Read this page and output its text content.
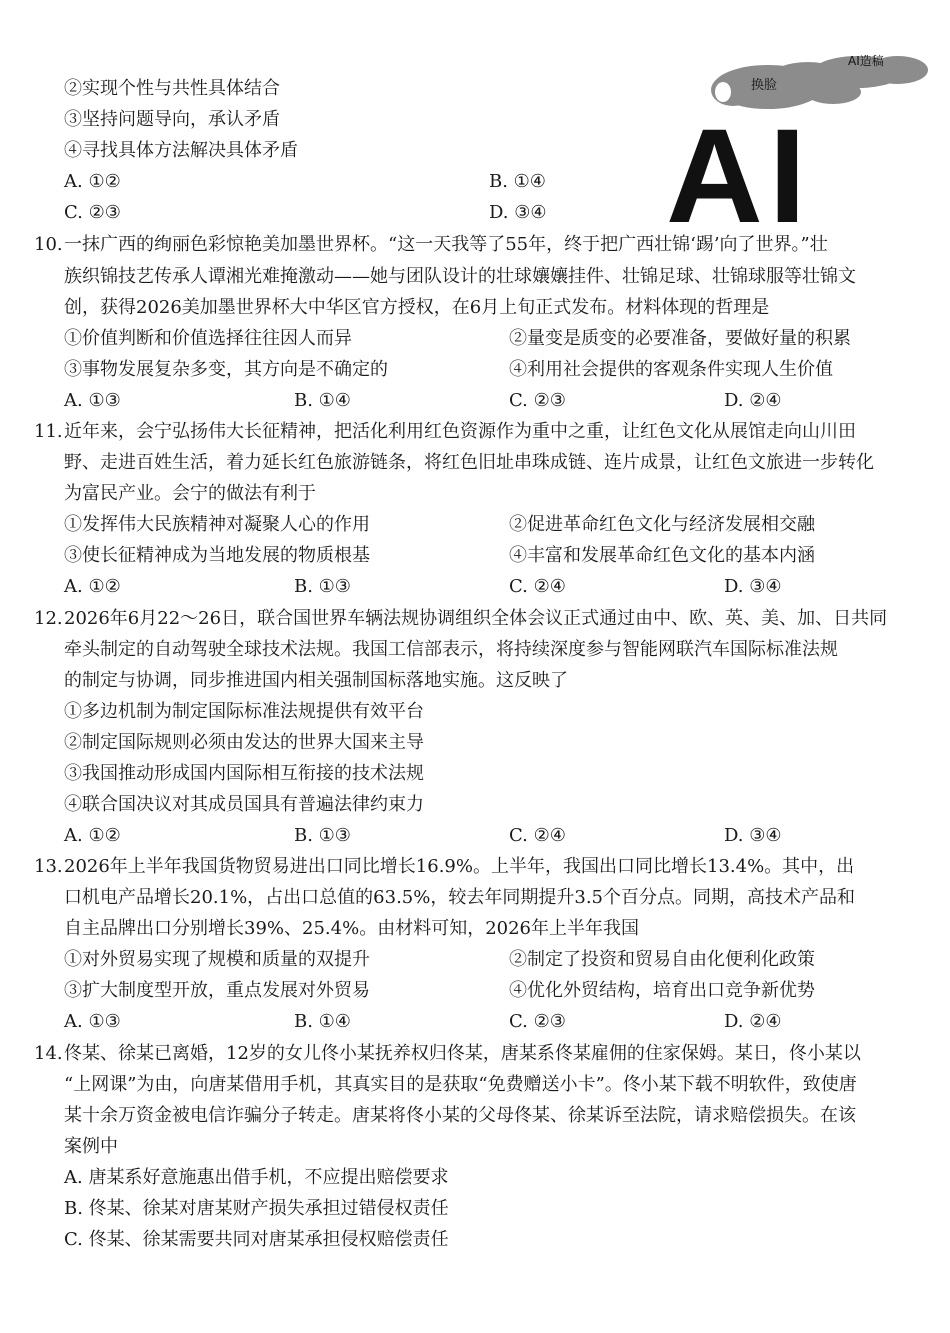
换脸
AI造稿
AI
②实现个性与共性具体结合
③坚持问题导向，承认矛盾
④寻找具体方法解决具体矛盾
A. ①②	B. ①④
C. ②③	D. ③④
10. 一抹广西的绚丽色彩惊艳美加墨世界杯。“这一天我等了55年，终于把广西壮锦‘踢’向了世界。”壮
族织锦技艺传承人谭湘光难掩激动——她与团队设计的壮球孃孃挂件、壮锦足球、壮锦球服等壮锦文
创，获得2026美加墨世界杯大中华区官方授权，在6月上旬正式发布。材料体现的哲理是
①价值判断和价值选择往往因人而异	②量变是质变的必要准备，要做好量的积累
③事物发展复杂多变，其方向是不确定的	④利用社会提供的客观条件实现人生价值
A. ①③	B. ①④	C. ②③	D. ②④
11. 近年来，会宁弘扬伟大长征精神，把活化利用红色资源作为重中之重，让红色文化从展馆走向山川田
野、走进百姓生活，着力延长红色旅游链条，将红色旧址串珠成链、连片成景，让红色文旅进一步转化
为富民产业。会宁的做法有利于
①发挥伟大民族精神对凝聚人心的作用	②促进革命红色文化与经济发展相交融
③使长征精神成为当地发展的物质根基	④丰富和发展革命红色文化的基本内涵
A. ①②	B. ①③	C. ②④	D. ③④
12. 2026年6月22～26日，联合国世界车辆法规协调组织全体会议正式通过由中、欧、英、美、加、日共同
牵头制定的自动驾驶全球技术法规。我国工信部表示，将持续深度参与智能网联汽车国际标准法规
的制定与协调，同步推进国内相关强制国标落地实施。这反映了
①多边机制为制定国际标准法规提供有效平台
②制定国际规则必须由发达的世界大国来主导
③我国推动形成国内国际相互衔接的技术法规
④联合国决议对其成员国具有普遍法律约束力
A. ①②	B. ①③	C. ②④	D. ③④
13. 2026年上半年我国货物贸易进出口同比增长16.9%。上半年，我国出口同比增长13.4%。其中，出
口机电产品增长20.1%，占出口总值的63.5%，较去年同期提升3.5个百分点。同期，高技术产品和
自主品牌出口分别增长39%、25.4%。由材料可知，2026年上半年我国
①对外贸易实现了规模和质量的双提升	②制定了投资和贸易自由化便利化政策
③扩大制度型开放，重点发展对外贸易	④优化外贸结构，培育出口竞争新优势
A. ①③	B. ①④	C. ②③	D. ②④
14. 佟某、徐某已离婚，12岁的女儿佟小某抚养权归佟某，唐某系佟某雇佣的住家保姆。某日，佟小某以
“上网课”为由，向唐某借用手机，其真实目的是获取“免费赠送小卡”。佟小某下载不明软件，致使唐
某十余万资金被电信诈骗分子转走。唐某将佟小某的父母佟某、徐某诉至法院，请求赔偿损失。在该
案例中
A. 唐某系好意施惠出借手机，不应提出赔偿要求
B. 佟某、徐某对唐某财产损失承担过错侵权责任
C. 佟某、徐某需要共同对唐某承担侵权赔偿责任
